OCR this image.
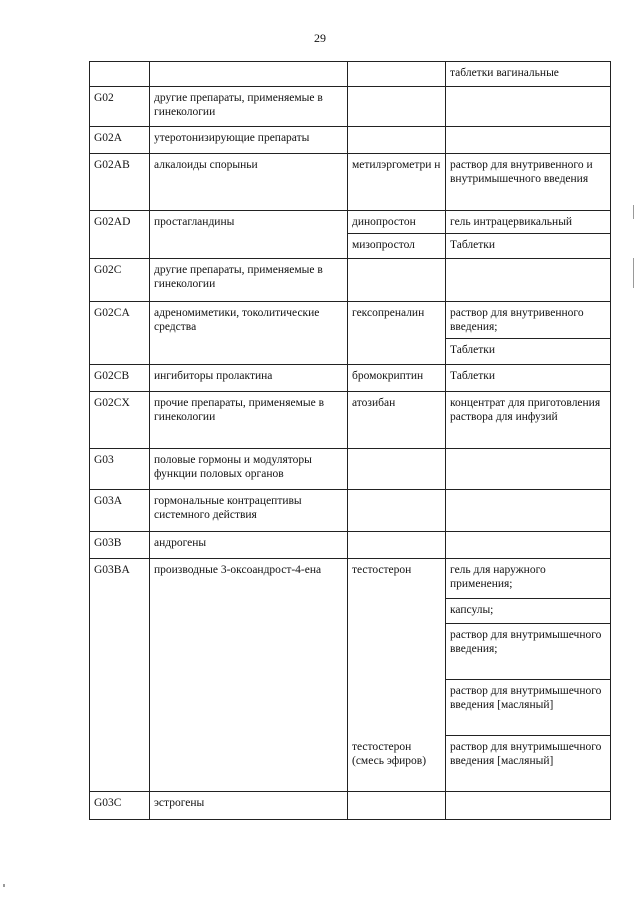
29
			таблетки вагинальные
G02	другие препараты, применяемые в гинекологии		
G02A	утеротонизирующие препараты		
G02AB	алкалоиды спорыньи	метилэргометри н	раствор для внутривенного и внутримышечного введения
G02AD	простагландины	динопростон	гель интрацервикальный
		мизопростол	Таблетки
G02C	другие препараты, применяемые в гинекологии		
G02CA	адреномиметики, токолитические средства	гексопреналин	раствор для внутривенного введения;
			Таблетки
G02CB	ингибиторы пролактина	бромокриптин	Таблетки
G02CX	прочие препараты, применяемые в гинекологии	атозибан	концентрат для приготовления раствора для инфузий
G03	половые гормоны и модуляторы функции половых органов		
G03A	гормональные контрацептивы системного действия		
G03B	андрогены		
G03BA	производные 3-оксоандрост-4-ена	тестостерон	гель для наружного применения;
			капсулы;
			раствор для внутримышечного введения;
			раствор для внутримышечного введения [масляный]
		тестостерон (смесь эфиров)	раствор для внутримышечного введения [масляный]
G03C	эстрогены		
